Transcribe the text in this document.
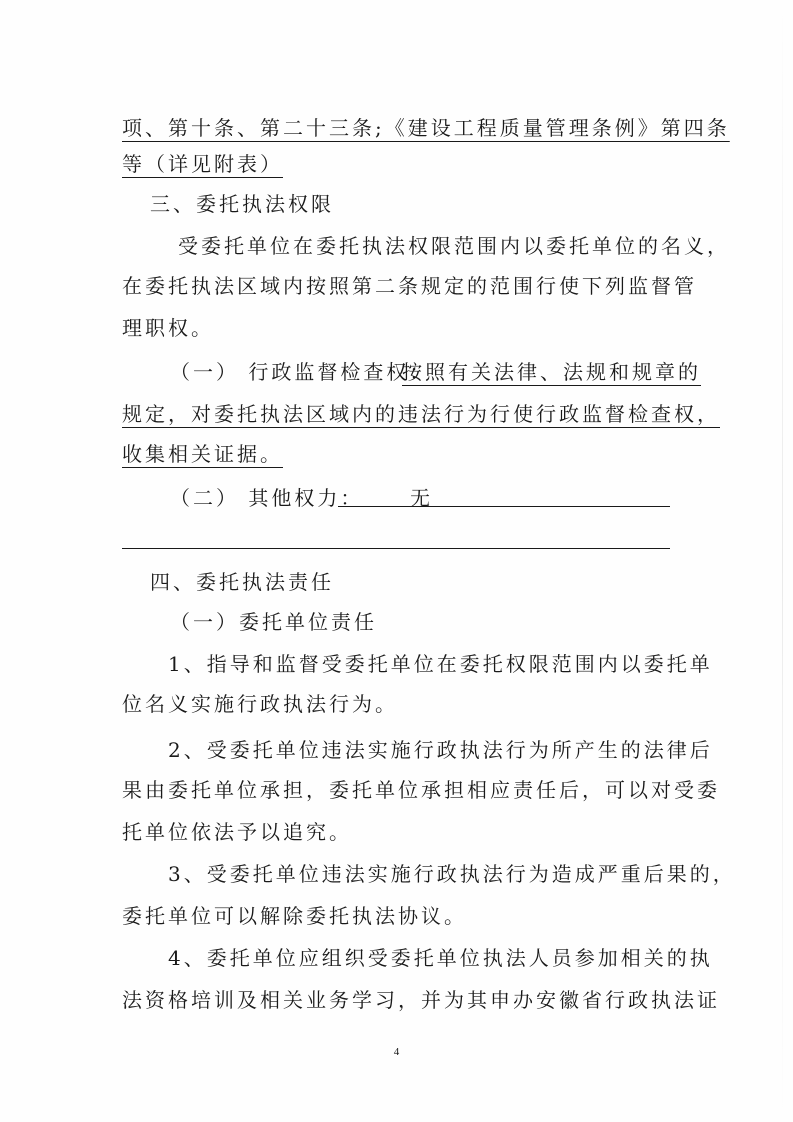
项、第十条、第二十三条;《建设工程质量管理条例》第四条
等（详见附表）
三、委托执法权限
受委托单位在委托执法权限范围内以委托单位的名义，
在委托执法区域内按照第二条规定的范围行使下列监督管
理职权。
（一） 行政监督检查权：
按照有关法律、法规和规章的
规定，对委托执法区域内的违法行为行使行政监督检查权，
收集相关证据。
（二） 其他权力： 无
四、委托执法责任
（一）委托单位责任
1、指导和监督受委托单位在委托权限范围内以委托单
位名义实施行政执法行为。
2、受委托单位违法实施行政执法行为所产生的法律后
果由委托单位承担，委托单位承担相应责任后，可以对受委
托单位依法予以追究。
3、受委托单位违法实施行政执法行为造成严重后果的，
委托单位可以解除委托执法协议。
4、委托单位应组织受委托单位执法人员参加相关的执
法资格培训及相关业务学习，并为其申办安徽省行政执法证
4
